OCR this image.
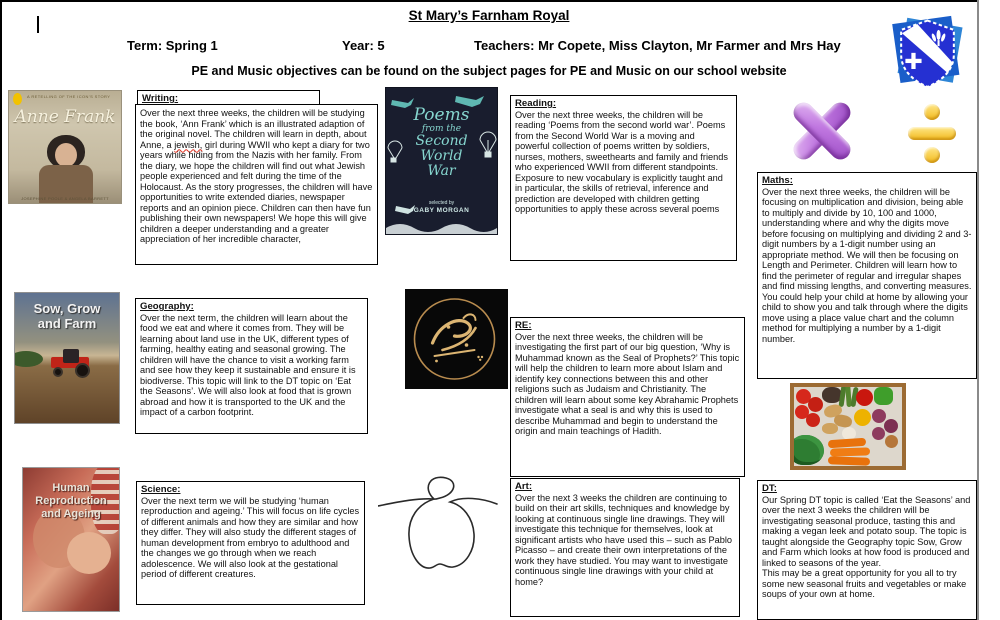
St Mary’s Farnham Royal
Term: Spring 1	Year: 5	Teachers: Mr Copete, Miss Clayton, Mr Farmer and Mrs Hay
PE and Music objectives can be found on the subject pages for PE and Music on our school website
A RETELLING OF THE ICON’S STORY
Anne Frank
JOSEPHINE POOLE & ANGELA BARRETT
Writing:
Over the next three weeks, the children will be studying the book, ‘Ann Frank’ which is an illustrated adaption of the original novel. The children will learn in depth, about Anne, a jewish, girl during WWII who kept a diary for two years while hiding from the Nazis with her family. From the diary, we hope the children will find out what Jewish people experienced and felt during the time of the Holocaust. As the story progresses, the children will have opportunities to write extended diaries, newspaper reports and an opinion piece. Children can then have fun publishing their own newspapers! We hope this will give children a deeper understanding and a greater appreciation of her incredible character,
Poems
from the
Second
World
War
selected by
GABY MORGAN
Reading:
Over the next three weeks, the children will be reading ‘Poems from the second world war’. Poems from the Second World War is a moving and powerful collection of poems written by soldiers, nurses, mothers, sweethearts and family and friends who experienced WWII from different standpoints. Exposure to new vocabulary is explicitly taught and in particular, the skills of retrieval, inference and prediction are developed with children getting opportunities to apply these across several poems
Maths:
Over the next three weeks, the children will be focusing on multiplication and division, being able to multiply and divide by 10, 100 and 1000, understanding where and why the digits move before focusing on multiplying and dividing 2 and 3-digit numbers by a 1-digit number using an appropriate method. We will then be focusing on Length and Perimeter. Children will learn how to find the perimeter of regular and irregular shapes and find missing lengths, and converting measures. You could help your child at home by allowing your child to show you and talk through where the digits move using a place value chart and the column method for multiplying a number by a 1-digit number.
Sow, Grow
and Farm
Geography:
Over the next term, the children will learn about the food we eat and where it comes from. They will be learning about land use in the UK, different types of farming, healthy eating and seasonal growing. The children will have the chance to visit a working farm and see how they keep it sustainable and ensure it is biodiverse. This topic will link to the DT topic on ‘Eat the Seasons’. We will also look at food that is grown abroad and how it is transported to the UK and the impact of a carbon footprint.
RE:
Over the next three weeks, the children will be investigating the first part of our big question, ‘Why is Muhammad known as the Seal of Prophets?’ This topic will help the children to learn more about Islam and identify key connections between this and other religions such as Judaism and Christianity. The children will learn about some key Abrahamic Prophets investigate what a seal is and why this is used to describe Muhammad and begin to understand the origin and main teachings of Hadith.
Human
Reproduction
and Ageing
Science:
Over the next term we will be studying ‘human reproduction and ageing.’ This will focus on life cycles of different animals and how they are similar and how they differ. They will also study the different stages of human development from embryo to adulthood and the changes we go through when we reach adolescence. We will also look at the gestational period of different creatures.
Art:
Over the next 3 weeks the children are continuing to build on their art skills, techniques and knowledge by looking at continuous single line drawings. They will investigate this technique for themselves, look at significant artists who have used this – such as Pablo Picasso – and create their own interpretations of the work they have studied. You may want to investigate continuous single line drawings with your child at home?
DT:
Our Spring DT topic is called ‘Eat the Seasons’ and over the next 3 weeks the children will be investigating seasonal produce, tasting this and making a vegan leek and potato soup. The topic is taught alongside the Geography topic Sow, Grow and Farm which looks at how food is produced and linked to seasons of the year.
This may be a great opportunity for you all to try some new seasonal fruits and vegetables or make soups of your own at home.
